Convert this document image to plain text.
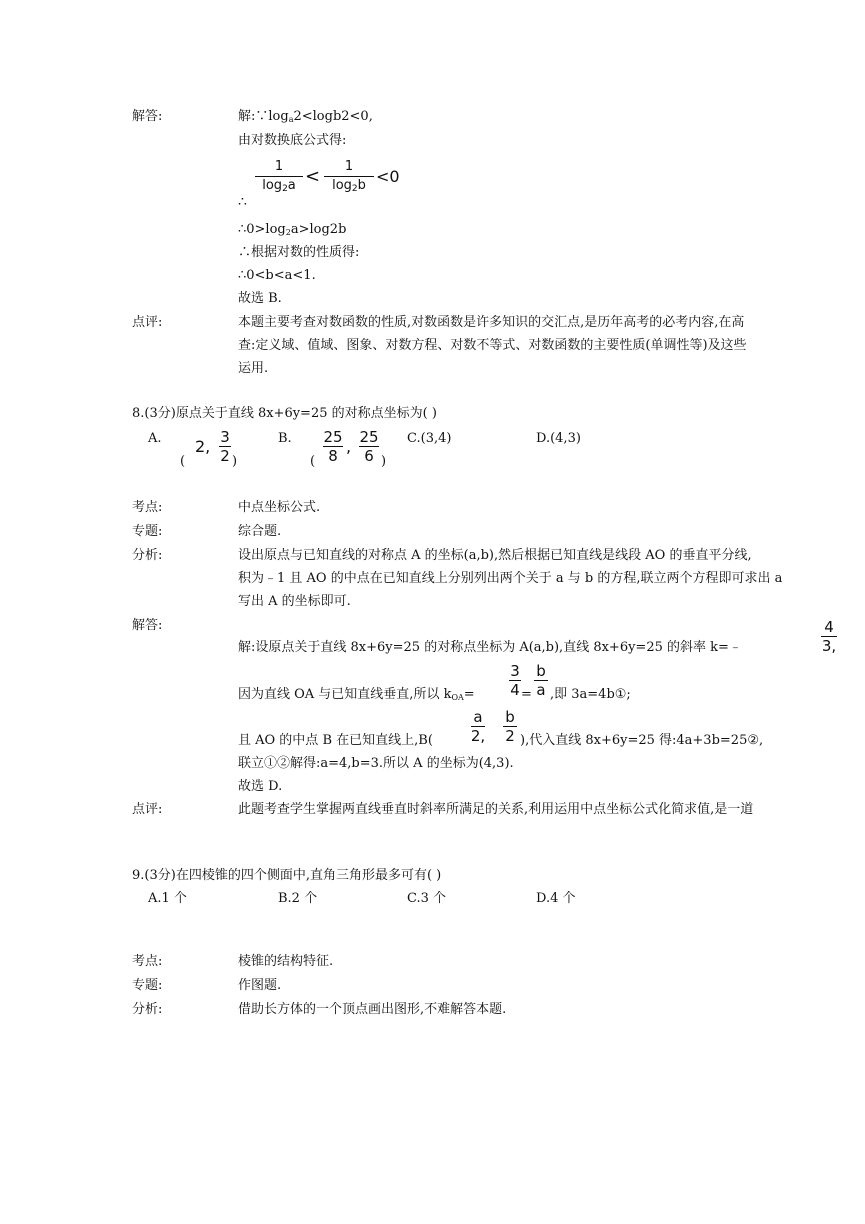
解答:	解$:\because\log_a2<\log b2<0$,
由对数换底公式得:
∴
1
$\log_2a$ <	1
$\log_2b <0$
$\therefore 0>\log_2a>\log 2b$
∴根据对数的性质得:
∴0<b<a<1.
故选 B.
点评:	本题主要考查对数函数的性质,对数函数是许多知识的交汇点,是历年高考的必考内容,在高
查:定义域、值域、图象、对数方程、对数不等式、对数函数的主要性质(单调性等)及这些
运用.
8.(3分)原点关于直线 8x+6y=25 的对称点坐标为( )
A.
(
2, 3
2 )
B.
(
25
8 , 25
6 )
C.(3,4)	D.(4,3)
考点:	中点坐标公式.
专题:	综合题.
分析:	设出原点与已知直线的对称点 A 的坐标(a,b),然后根据已知直线是线段 AO 的垂直平分线,
积为﹣1 且 AO 的中点在已知直线上分别列出两个关于 a 与 b 的方程,联立两个方程即可求出 a
写出 A 的坐标即可.
解答:
解:设原点关于直线 8x+6y=25 的对称点坐标为 A(a,b),直线 8x+6y=25 的斜率 k=﹣
4
3,
因为直线 OA 与已知直线垂直,所以 $k_{OA}=$
3
4 =
b
a ,即 3a=4b①;
且 AO 的中点 B 在已知直线上,B(
a
2,
b
2 ),代入直线 8x+6y=25 得:4a+3b=25②,
联立①②解得:a=4,b=3.所以 A 的坐标为(4,3).
故选 D.
点评:	此题考查学生掌握两直线垂直时斜率所满足的关系,利用运用中点坐标公式化简求值,是一道
9.(3分)在四棱锥的四个侧面中,直角三角形最多可有( )
A.1 个	B.2 个	C.3 个	D.4 个
考点:	棱锥的结构特征.
专题:	作图题.
分析:	借助长方体的一个顶点画出图形,不难解答本题.
